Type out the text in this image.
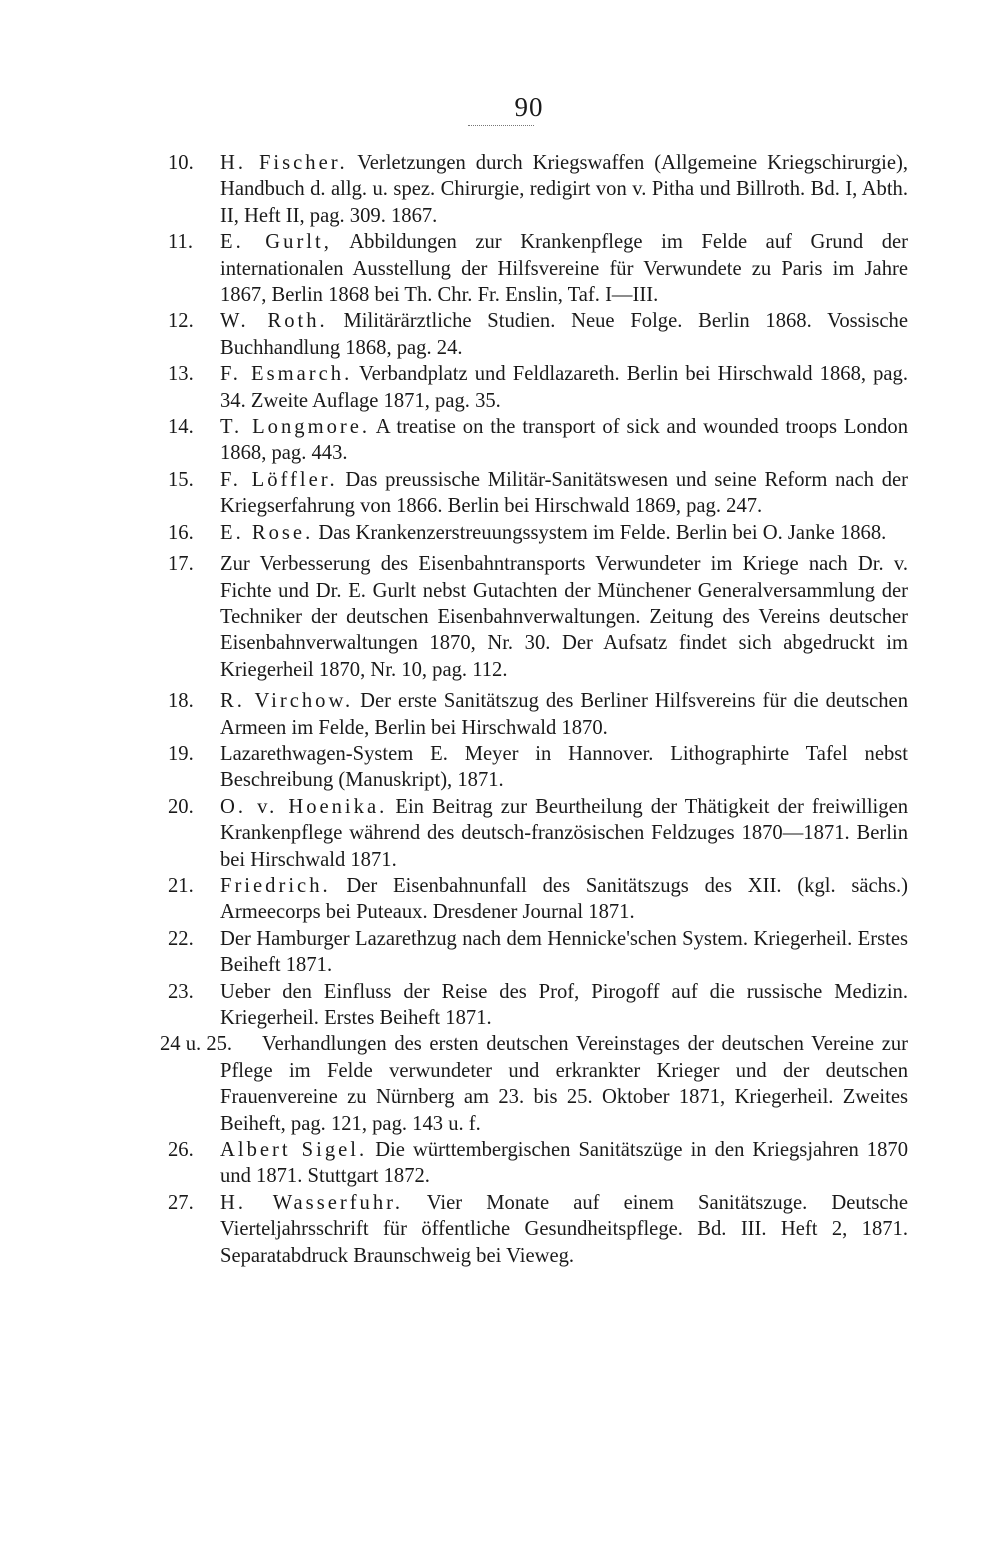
90
10. H. Fischer. Verletzungen durch Kriegswaffen (Allgemeine Kriegschirurgie), Handbuch d. allg. u. spez. Chirurgie, redigirt von v. Pitha und Billroth. Bd. I, Abth. II, Heft II, pag. 309. 1867.
11. E. Gurlt, Abbildungen zur Krankenpflege im Felde auf Grund der internationalen Ausstellung der Hilfsvereine für Verwundete zu Paris im Jahre 1867, Berlin 1868 bei Th. Chr. Fr. Enslin, Taf. I—III.
12. W. Roth. Militärärztliche Studien. Neue Folge. Berlin 1868. Vossische Buchhandlung 1868, pag. 24.
13. F. Esmarch. Verbandplatz und Feldlazareth. Berlin bei Hirschwald 1868, pag. 34. Zweite Auflage 1871, pag. 35.
14. T. Longmore. A treatise on the transport of sick and wounded troops London 1868, pag. 443.
15. F. Löffler. Das preussische Militär-Sanitätswesen und seine Reform nach der Kriegserfahrung von 1866. Berlin bei Hirschwald 1869, pag. 247.
16. E. Rose. Das Krankenzerstreuungssystem im Felde. Berlin bei O. Janke 1868.
17. Zur Verbesserung des Eisenbahntransports Verwundeter im Kriege nach Dr. v. Fichte und Dr. E. Gurlt nebst Gutachten der Münchener Generalversammlung der Techniker der deutschen Eisenbahnverwaltungen. Zeitung des Vereins deutscher Eisenbahnverwaltungen 1870, Nr. 30. Der Aufsatz findet sich abgedruckt im Kriegerheil 1870, Nr. 10, pag. 112.
18. R. Virchow. Der erste Sanitätszug des Berliner Hilfsvereins für die deutschen Armeen im Felde, Berlin bei Hirschwald 1870.
19. Lazarethwagen-System E. Meyer in Hannover. Lithographirte Tafel nebst Beschreibung (Manuskript), 1871.
20. O. v. Hoenika. Ein Beitrag zur Beurtheilung der Thätigkeit der freiwilligen Krankenpflege während des deutsch-französischen Feldzuges 1870—1871. Berlin bei Hirschwald 1871.
21. Friedrich. Der Eisenbahnunfall des Sanitätszugs des XII. (kgl. sächs.) Armeecorps bei Puteaux. Dresdener Journal 1871.
22. Der Hamburger Lazarethzug nach dem Hennicke'schen System. Kriegerheil. Erstes Beiheft 1871.
23. Ueber den Einfluss der Reise des Prof, Pirogoff auf die russische Medizin. Kriegerheil. Erstes Beiheft 1871.
24 u. 25. Verhandlungen des ersten deutschen Vereinstages der deutschen Vereine zur Pflege im Felde verwundeter und erkrankter Krieger und der deutschen Frauenvereine zu Nürnberg am 23. bis 25. Oktober 1871, Kriegerheil. Zweites Beiheft, pag. 121, pag. 143 u. f.
26. Albert Sigel. Die württembergischen Sanitätszüge in den Kriegsjahren 1870 und 1871. Stuttgart 1872.
27. H. Wasserfuhr. Vier Monate auf einem Sanitätszuge. Deutsche Vierteljahrsschrift für öffentliche Gesundheitspflege. Bd. III. Heft 2, 1871. Separatabdruck Braunschweig bei Vieweg.
